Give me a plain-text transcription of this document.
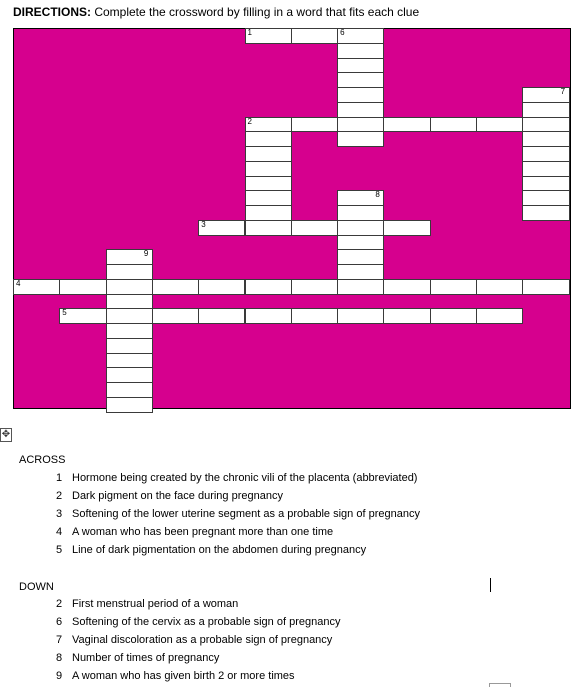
DIRECTIONS: Complete the crossword by filling in a word that fits each clue
1	6
7
2
8
3
9
4
5
✥
ACROSS
1 Hormone being created by the chronic vili of the placenta (abbreviated)
2 Dark pigment on the face during pregnancy
3 Softening of the lower uterine segment as a probable sign of pregnancy
4 A woman who has been pregnant more than one time
5 Line of dark pigmentation on the abdomen during pregnancy
DOWN
2 First menstrual period of a woman
6 Softening of the cervix as a probable sign of pregnancy
7 Vaginal discoloration as a probable sign of pregnancy
8 Number of times of pregnancy
9 A woman who has given birth 2 or more times
